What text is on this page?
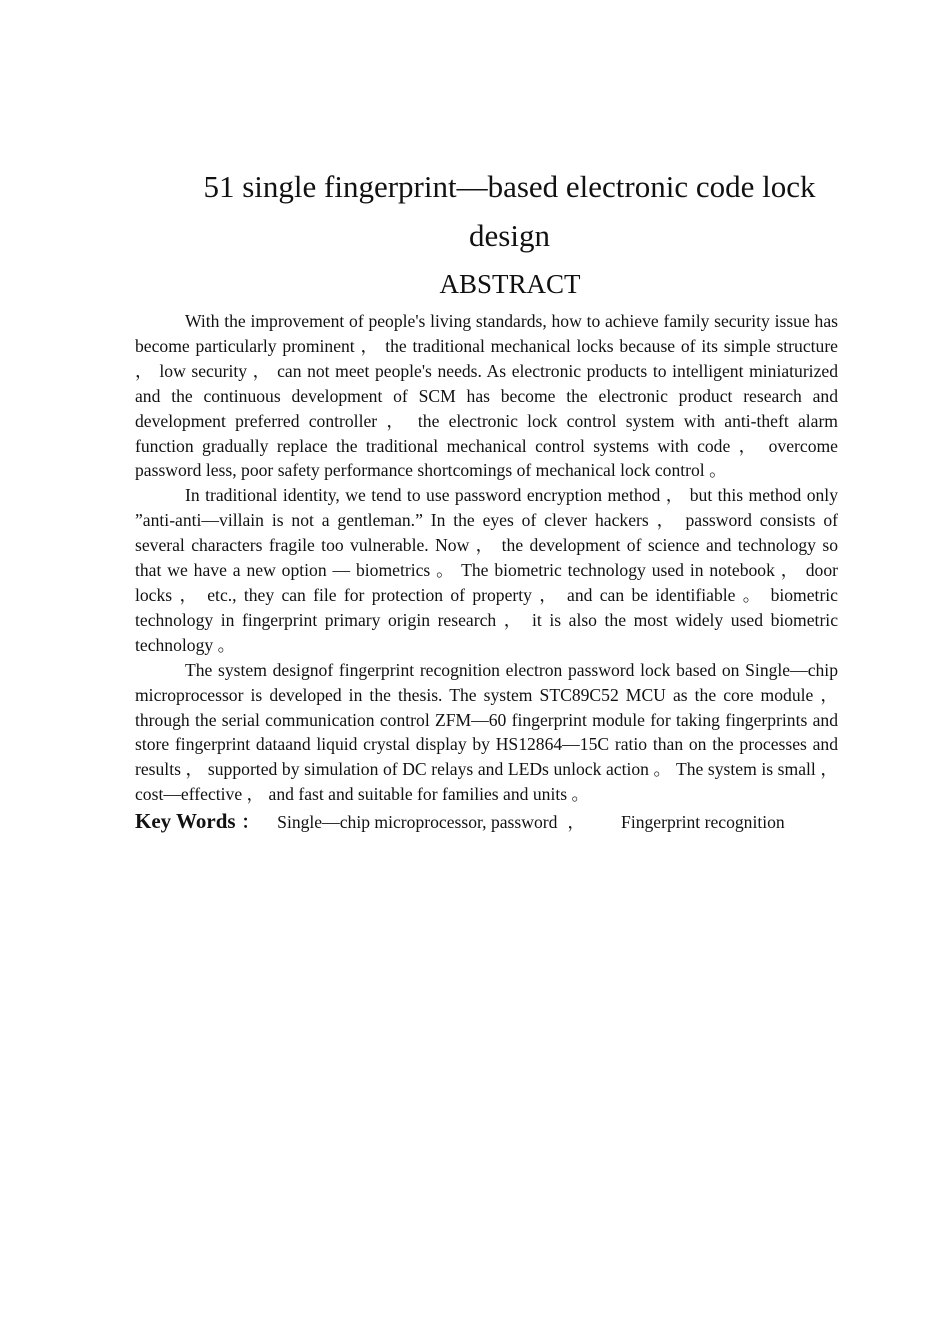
51 single fingerprint—based electronic code lock
design
ABSTRACT

With the improvement of people's living standards, how to achieve family security issue has become particularly prominent ， the traditional mechanical locks because of its simple structure ， low security ， can not meet people's needs. As electronic products to intelligent miniaturized and the continuous development of SCM has become the electronic product research and development preferred controller ， the electronic lock control system with anti-theft alarm function gradually replace the traditional mechanical control systems with code ， overcome password less, poor safety performance shortcomings of mechanical lock control 。

In traditional identity, we tend to use password encryption method ， but this method only ”anti-anti—villain is not a gentleman.” In the eyes of clever hackers ， password consists of several characters fragile too vulnerable. Now ， the development of science and technology so that we have a new option — biometrics 。 The biometric technology used in notebook ， door locks ， etc., they can file for protection of property ， and can be identifiable 。 biometric technology in fingerprint primary origin research ， it is also the most widely used biometric technology 。

The system designof fingerprint recognition electron password lock based on Single—chip microprocessor is developed in the thesis. The system STC89C52 MCU as the core module ， through the serial communication control ZFM—60 fingerprint module for taking fingerprints and store fingerprint dataand liquid crystal display by HS12864—15C ratio than on the processes and results ， supported by simulation of DC relays and LEDs unlock action 。 The system is small ， cost—effective ， and fast and suitable for families and units 。

Key Words ： Single—chip microprocessor, password ， Fingerprint recognition
